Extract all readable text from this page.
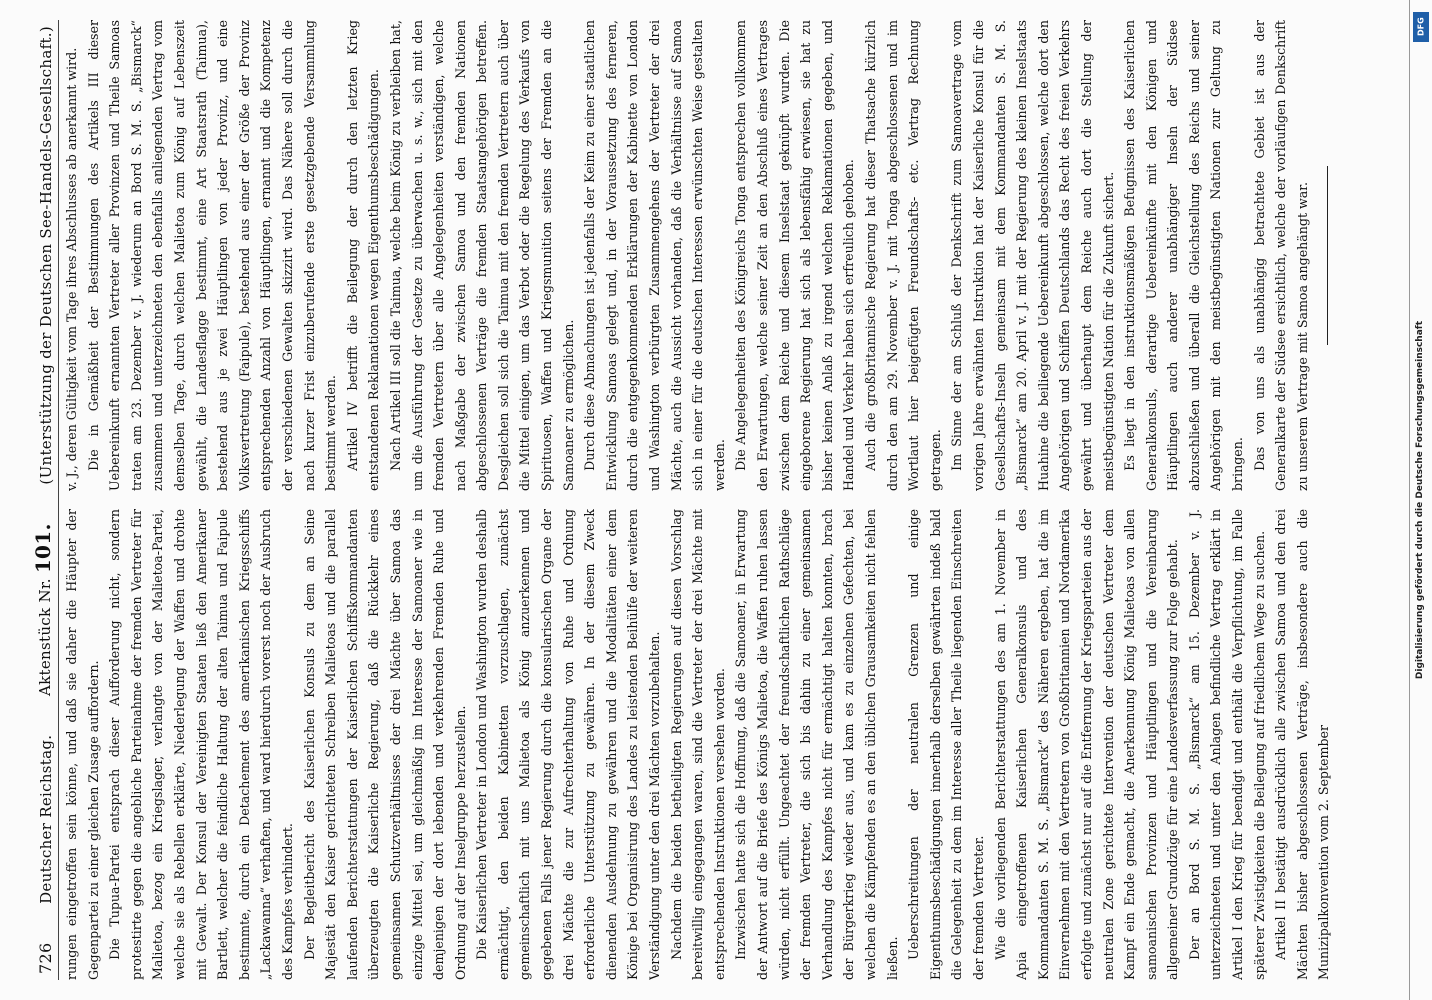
726
Deutscher Reichstag.
Aktenstück Nr. 101.
(Unterstützung der Deutschen See-Handels-Gesellschaft.)

rungen eingetroffen sein könne, und daß sie daher die Häupter der Gegenpartei zu einer gleichen Zusage auffordern. Die Tupua-Partei entsprach dieser Aufforderung nicht, sondern protestirte gegen die angebliche Parteinahme der fremden Vertreter für Malietoa, bezog ein Kriegslager, verlangte von der Malietoa-Partei, welche sie als Rebellen erklärte, Niederlegung der Waffen und drohte mit Gewalt. Der Konsul der Vereinigten Staaten ließ den Amerikaner Bartlett, welcher die feindliche Haltung der alten Taimua und Faipule bestimmte, durch ein Detachement des amerikanischen Kriegsschiffs „Lackawanna“ verhaften, und ward hierdurch vorerst noch der Ausbruch des Kampfes verhindert. Der Begleitbericht des Kaiserlichen Konsuls zu dem an Seine Majestät den Kaiser gerichteten Schreiben Malietoas und die parallel laufenden Berichterstattungen der Kaiserlichen Schiffskommandanten überzeugten die Kaiserliche Regierung, daß die Rückkehr eines gemeinsamen Schutzverhältnisses der drei Mächte über Samoa das einzige Mittel sei, um gleichmäßig im Interesse der Samoaner wie in demjenigen der dort lebenden und verkehrenden Fremden Ruhe und Ordnung auf der Inselgruppe herzustellen. Die Kaiserlichen Vertreter in London und Washington wurden deshalb ermächtigt, den beiden Kabinetten vorzuschlagen, zunächst gemeinschaftlich mit uns Malietoa als König anzuerkennen und gegebenen Falls jener Regierung durch die konsularischen Organe der drei Mächte die zur Aufrechterhaltung von Ruhe und Ordnung erforderliche Unterstützung zu gewähren. In der diesem Zweck dienenden Ausdehnung zu gewähren und die Modalitäten einer dem Könige bei Organisirung des Landes zu leistenden Beihülfe der weiteren Verständigung unter den drei Mächten vorzubehalten. Nachdem die beiden betheiligten Regierungen auf diesen Vorschlag bereitwillig eingegangen waren, sind die Vertreter der drei Mächte mit entsprechenden Instruktionen versehen worden. Inzwischen hatte sich die Hoffnung, daß die Samoaner, in Erwartung der Antwort auf die Briefe des Königs Malietoa, die Waffen ruhen lassen würden, nicht erfüllt. Ungeachtet der freundschaftlichen Rathschläge der fremden Vertreter, die sich bis dahin zu einer gemeinsamen Verhandlung des Kampfes nicht für ermächtigt halten konnten, brach der Bürgerkrieg wieder aus, und kam es zu einzelnen Gefechten, bei welchen die Kämpfenden es an den üblichen Grausamkeiten nicht fehlen ließen. Ueberschreitungen der neutralen Grenzen und einige Eigenthumsbeschädigungen innerhalb derselben gewährten indeß bald die Gelegenheit zu dem im Interesse aller Theile liegenden Einschreiten der fremden Vertreter. Wie die vorliegenden Berichterstattungen des am 1. November in Apia eingetroffenen Kaiserlichen Generalkonsuls und des Kommandanten S. M. S. „Bismarck“ des Näheren ergeben, hat die im Einvernehmen mit den Vertretern von Großbritannien und Nordamerika erfolgte und zunächst nur auf die Entfernung der Kriegsparteien aus der neutralen Zone gerichtete Intervention der deutschen Vertreter dem Kampf ein Ende gemacht, die Anerkennung König Malietoas von allen samoanischen Provinzen und Häuptlingen und die Vereinbarung allgemeiner Grundzüge für eine Landesverfassung zur Folge gehabt. Der an Bord S. M. S. „Bismarck“ am 15. Dezember v. J. unterzeichneten und unter den Anlagen befindliche Vertrag erklärt in Artikel I den Krieg für beendigt und enthält die Verpflichtung, im Falle späterer Zwistigkeiten die Beilegung auf friedlichem Wege zu suchen. Artikel II bestätigt ausdrücklich alle zwischen Samoa und den drei Mächten bisher abgeschlossenen Verträge, insbesondere auch die Munizipalkonvention vom 2. September

v. J., deren Gültigkeit vom Tage ihres Abschlusses ab anerkannt wird. Die in Gemäßheit der Bestimmungen des Artikels III dieser Uebereinkunft ernannten Vertreter aller Provinzen und Theile Samoas traten am 23. Dezember v. J. wiederum an Bord S. M. S. „Bismarck“ zusammen und unterzeichneten den ebenfalls anliegenden Vertrag vom demselben Tage, durch welchen Malietoa zum König auf Lebenszeit gewählt, die Landesflagge bestimmt, eine Art Staatsrath (Taimua), bestehend aus je zwei Häuptlingen von jeder Provinz, und eine Volksvertretung (Faipule), bestehend aus einer der Größe der Provinz entsprechenden Anzahl von Häuptlingen, ernannt und die Kompetenz der verschiedenen Gewalten skizzirt wird. Das Nähere soll durch die nach kurzer Frist einzuberufende erste gesetzgebende Versammlung bestimmt werden. Artikel IV betrifft die Beilegung der durch den letzten Krieg entstandenen Reklamationen wegen Eigenthumsbeschädigungen. Nach Artikel III soll die Taimua, welche beim König zu verbleiben hat, um die Ausführung der Gesetze zu überwachen u. s. w., sich mit den fremden Vertretern über alle Angelegenheiten verständigen, welche nach Maßgabe der zwischen Samoa und den fremden Nationen abgeschlossenen Verträge die fremden Staatsangehörigen betreffen. Desgleichen soll sich die Taimua mit den fremden Vertretern auch über die Mittel einigen, um das Verbot oder die Regelung des Verkaufs von Spirituosen, Waffen und Kriegsmunition seitens der Fremden an die Samoaner zu ermöglichen. Durch diese Abmachungen ist jedenfalls der Keim zu einer staatlichen Entwicklung Samoas gelegt und, in der Voraussetzung des ferneren, durch die entgegenkommenden Erklärungen der Kabinette von London und Washington verbürgten Zusammengehens der Vertreter der drei Mächte, auch die Aussicht vorhanden, daß die Verhältnisse auf Samoa sich in einer für die deutschen Interessen erwünschten Weise gestalten werden. Die Angelegenheiten des Königreichs Tonga entsprechen vollkommen den Erwartungen, welche seiner Zeit an den Abschluß eines Vertrages zwischen dem Reiche und diesem Inselstaat geknüpft wurden. Die eingeborene Regierung hat sich als lebensfähig erwiesen, sie hat zu bisher keinen Anlaß zu irgend welchen Reklamationen gegeben, und Handel und Verkehr haben sich erfreulich gehoben. Auch die großbritannische Regierung hat dieser Thatsache kürzlich durch den am 29. November v. J. mit Tonga abgeschlossenen und im Wortlaut hier beigefügten Freundschafts- etc. Vertrag Rechnung getragen. Im Sinne der am Schluß der Denkschrift zum Samoavertrage vom vorigen Jahre erwähnten Instruktion hat der Kaiserliche Konsul für die Gesellschafts-Inseln gemeinsam mit dem Kommandanten S. M. S. „Bismarck“ am 20. April v. J. mit der Regierung des kleinen Inselstaats Huahine die beiliegende Uebereinkunft abgeschlossen, welche dort den Angehörigen und Schiffen Deutschlands das Recht des freien Verkehrs gewährt und überhaupt dem Reiche auch dort die Stellung der meistbegünstigten Nation für die Zukunft sichert. Es liegt in den instruktionsmäßigen Befugnissen des Kaiserlichen Generalkonsuls, derartige Uebereinkünfte mit den Königen und Häuptlingen auch anderer unabhängiger Inseln der Südsee abzuschließen und überall die Gleichstellung des Reichs und seiner Angehörigen mit den meistbegünstigten Nationen zur Geltung zu bringen. Das von uns als unabhängig betrachtete Gebiet ist aus der Generalkarte der Südsee ersichtlich, welche der vorläufigen Denkschrift zu unserem Vertrage mit Samoa angehängt war.

DFG
Digitalisierung gefördert durch die Deutsche Forschungsgemeinschaft
